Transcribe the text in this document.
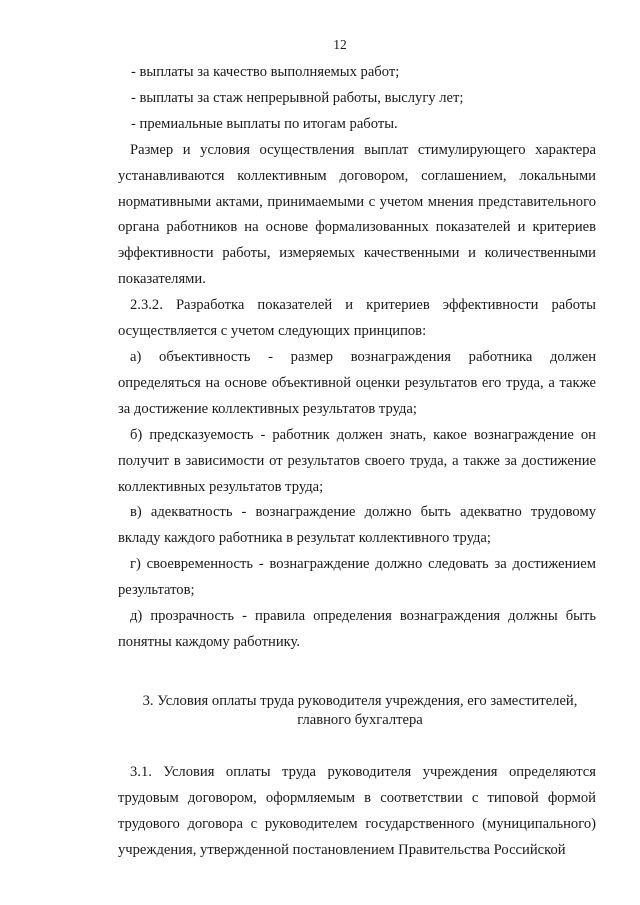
12

- выплаты за качество выполняемых работ;

- выплаты за стаж непрерывной работы, выслугу лет;

- премиальные выплаты по итогам работы.

Размер и условия осуществления выплат стимулирующего характера устанавливаются коллективным договором, соглашением, локальными нормативными актами, принимаемыми с учетом мнения представительного органа работников на основе формализованных показателей и критериев эффективности работы, измеряемых качественными и количественными показателями.

2.3.2. Разработка показателей и критериев эффективности работы осуществляется с учетом следующих принципов:

а) объективность - размер вознаграждения работника должен определяться на основе объективной оценки результатов его труда, а также за достижение коллективных результатов труда;

б) предсказуемость - работник должен знать, какое вознаграждение он получит в зависимости от результатов своего труда, а также за достижение коллективных результатов труда;

в) адекватность - вознаграждение должно быть адекватно трудовому вкладу каждого работника в результат коллективного труда;

г) своевременность - вознаграждение должно следовать за достижением результатов;

д) прозрачность - правила определения вознаграждения должны быть понятны каждому работнику.

3. Условия оплаты труда руководителя учреждения, его заместителей,
главного бухгалтера

3.1. Условия оплаты труда руководителя учреждения определяются трудовым договором, оформляемым в соответствии с типовой формой трудового договора с руководителем государственного (муниципального) учреждения, утвержденной постановлением Правительства Российской
